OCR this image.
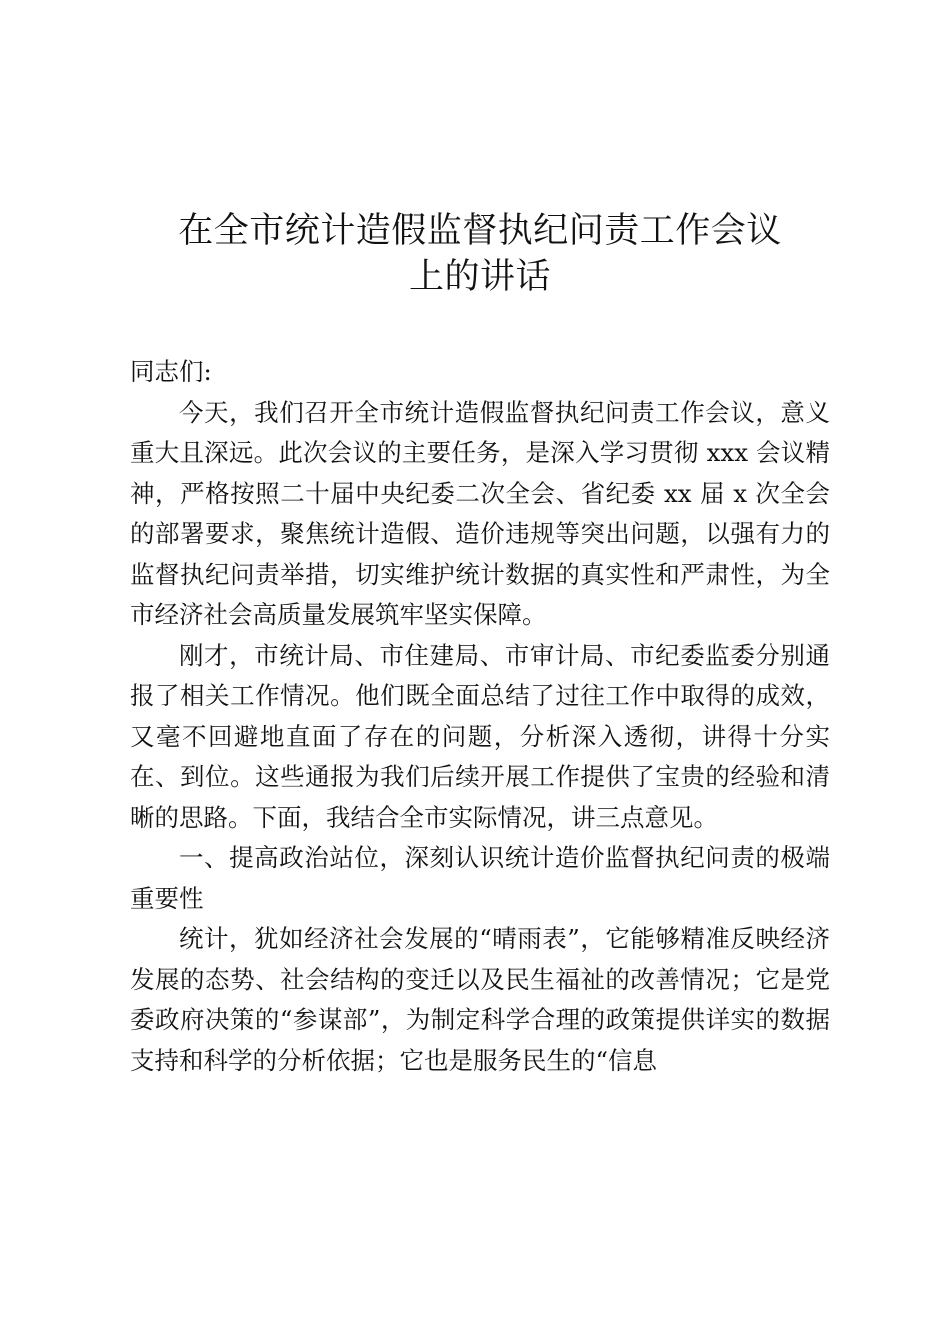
在全市统计造假监督执纪问责工作会议
上的讲话

同志们:

今天，我们召开全市统计造假监督执纪问责工作会议，意义重大且深远。此次会议的主要任务，是深入学习贯彻 xxx 会议精神，严格按照二十届中央纪委二次全会、省纪委 xx 届 x 次全会的部署要求，聚焦统计造假、造价违规等突出问题，以强有力的监督执纪问责举措，切实维护统计数据的真实性和严肃性，为全市经济社会高质量发展筑牢坚实保障。

刚才，市统计局、市住建局、市审计局、市纪委监委分别通报了相关工作情况。他们既全面总结了过往工作中取得的成效，又毫不回避地直面了存在的问题，分析深入透彻，讲得十分实在、到位。这些通报为我们后续开展工作提供了宝贵的经验和清晰的思路。下面，我结合全市实际情况，讲三点意见。

一、提高政治站位，深刻认识统计造价监督执纪问责的极端重要性

统计，犹如经济社会发展的“晴雨表”，它能够精准反映经济发展的态势、社会结构的变迁以及民生福祉的改善情况；它是党委政府决策的“参谋部”，为制定科学合理的政策提供详实的数据支持和科学的分析依据；它也是服务民生的“信息
